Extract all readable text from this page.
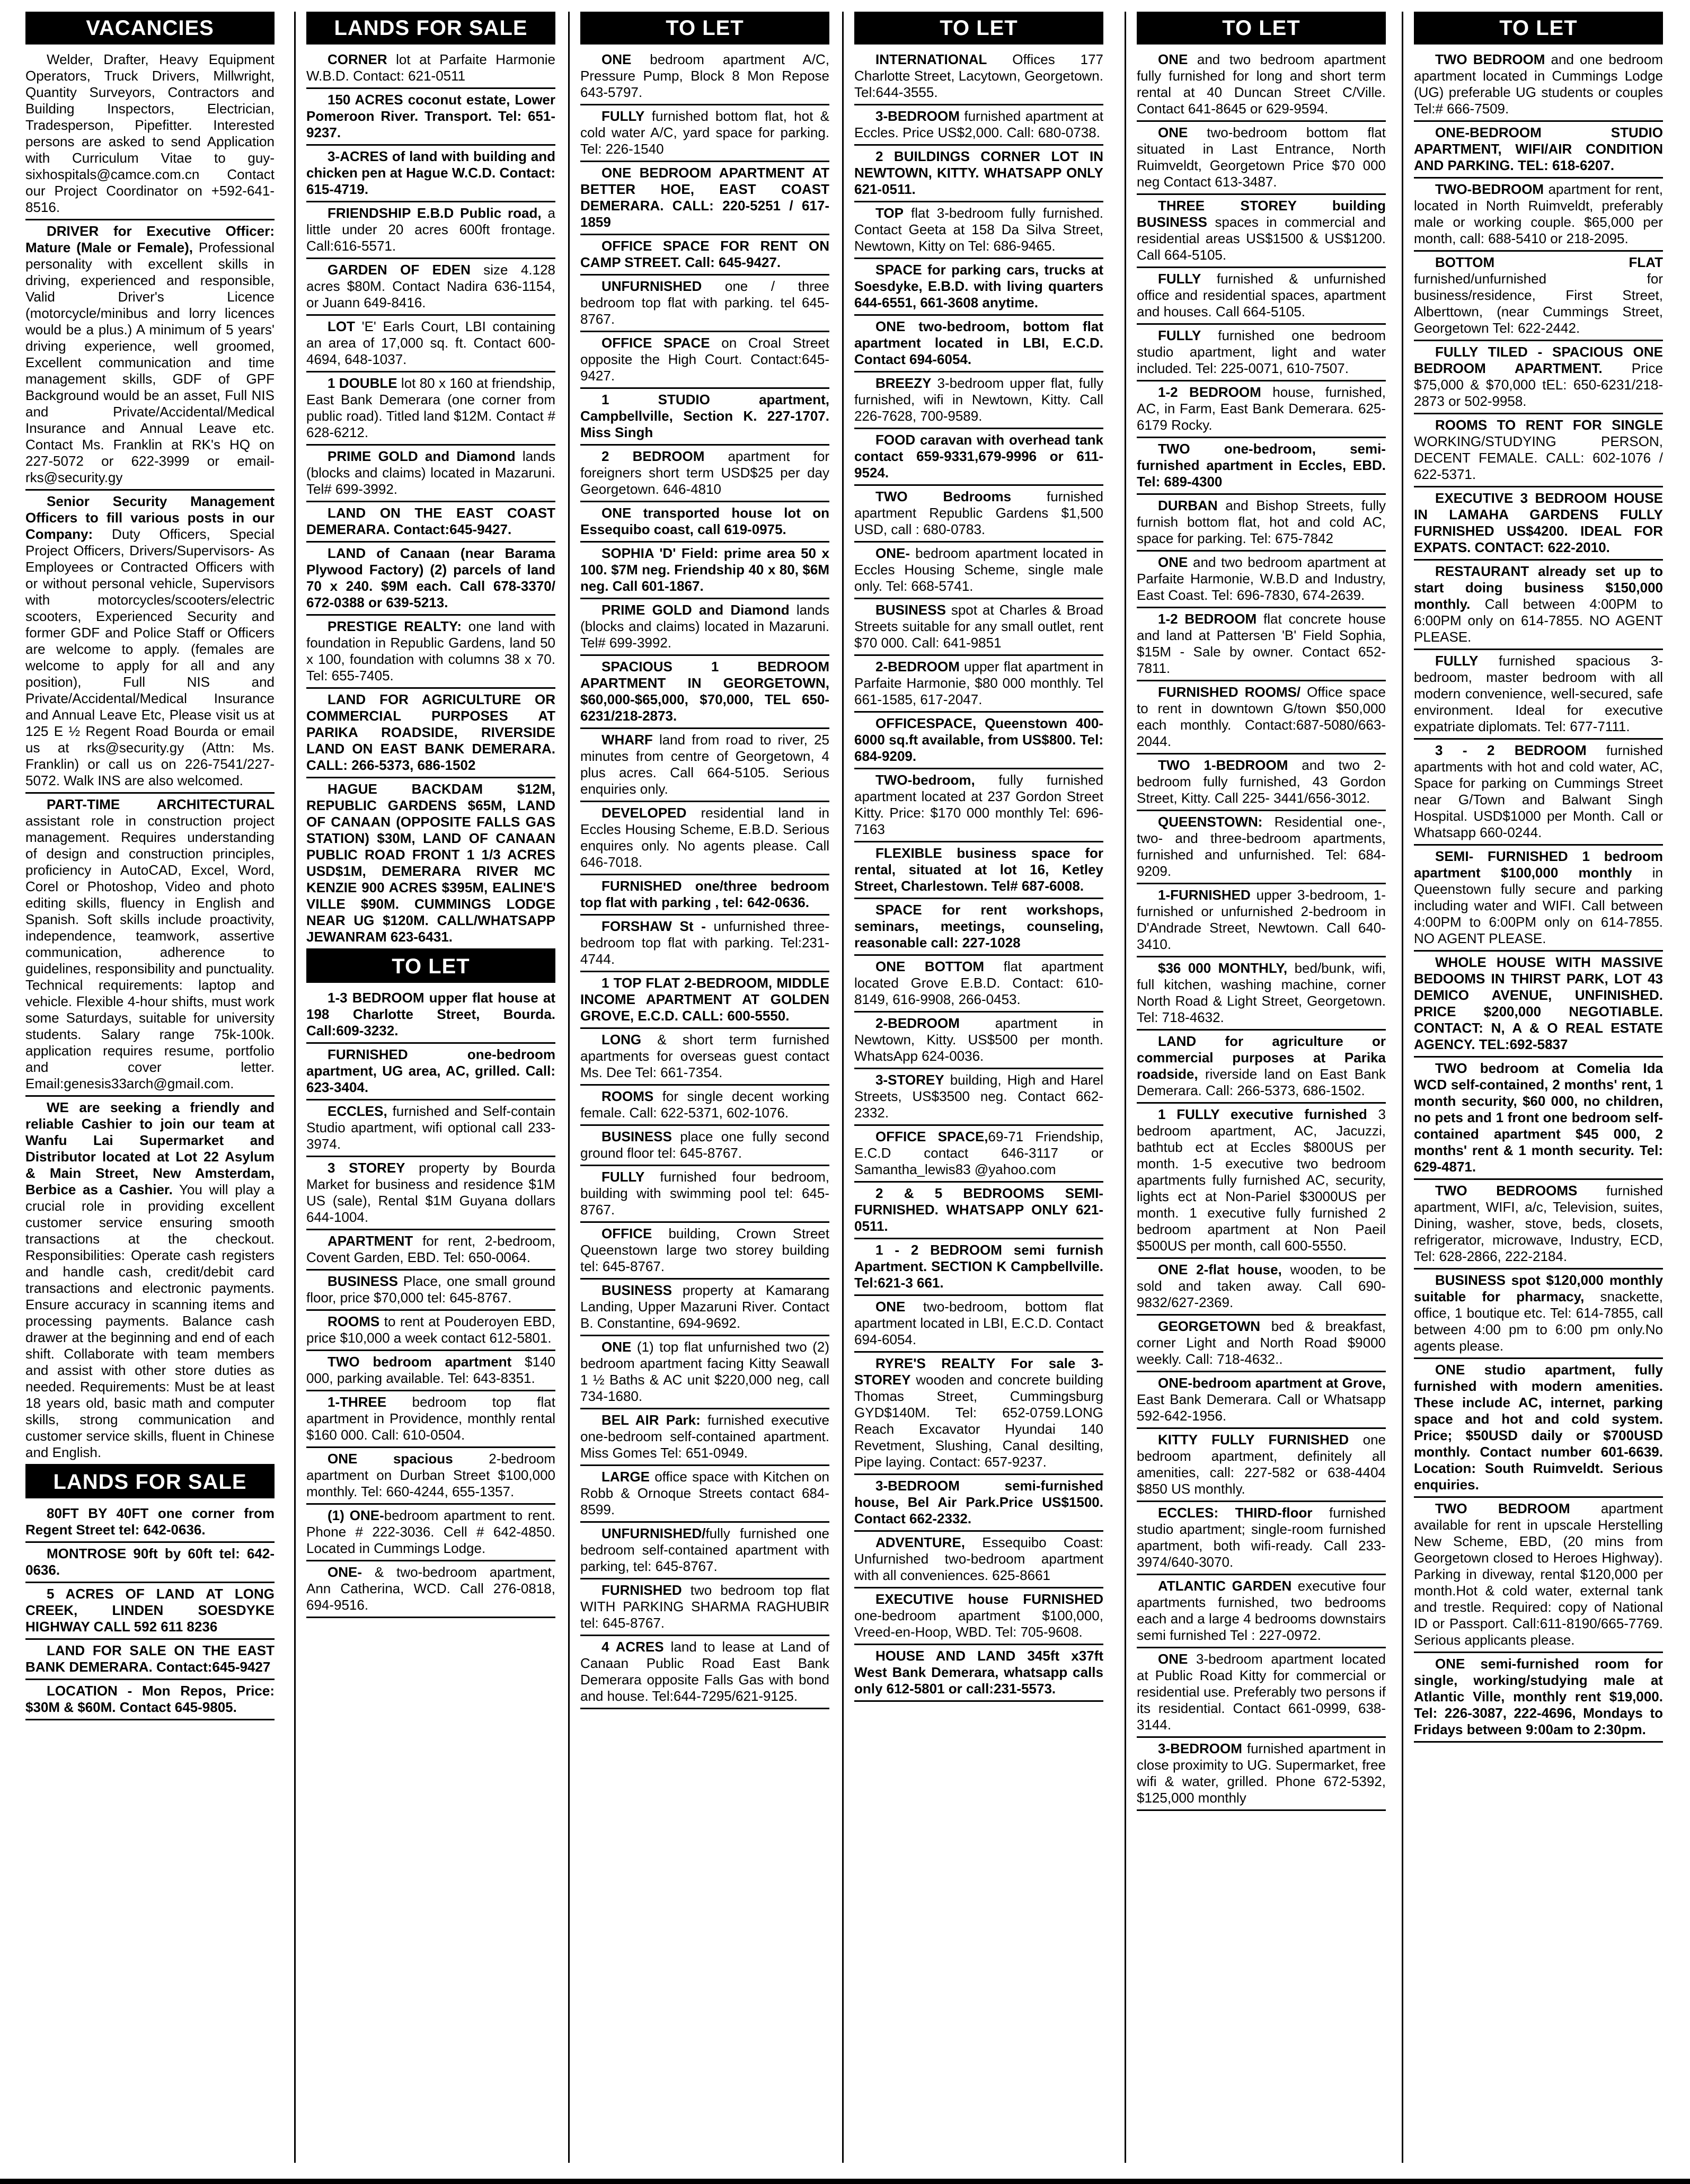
VACANCIES

Welder, Drafter, Heavy Equipment Operators, Truck Drivers, Millwright, Quantity Surveyors, Contractors and Building Inspectors, Electrician, Tradesperson, Pipefitter. Interested persons are asked to send Application with Curriculum Vitae to guy-sixhospitals@camce.com.cn Contact our Project Coordinator on +592-641-8516.

DRIVER for Executive Officer: Mature (Male or Female), Professional personality with excellent skills in driving, experienced and responsible, Valid Driver's Licence (motorcycle/minibus and lorry licences would be a plus.) A minimum of 5 years' driving experience, well groomed, Excellent communication and time management skills, GDF of GPF Background would be an asset, Full NIS and Private/Accidental/Medical Insurance and Annual Leave etc. Contact Ms. Franklin at RK's HQ on 227-5072 or 622-3999 or email-rks@security.gy

Senior Security Management Officers to fill various posts in our Company: Duty Officers, Special Project Officers, Drivers/Supervisors- As Employees or Contracted Officers with or without personal vehicle, Supervisors with motorcycles/scooters/electric scooters, Experienced Security and former GDF and Police Staff or Officers are welcome to apply. (females are welcome to apply for all and any position), Full NIS and Private/Accidental/Medical Insurance and Annual Leave Etc, Please visit us at 125 E ½ Regent Road Bourda or email us at rks@security.gy (Attn: Ms. Franklin) or call us on 226-7541/227-5072. Walk INS are also welcomed.

PART-TIME ARCHITECTURAL assistant role in construction project management. Requires understanding of design and construction principles, proficiency in AutoCAD, Excel, Word, Corel or Photoshop, Video and photo editing skills, fluency in English and Spanish. Soft skills include proactivity, independence, teamwork, assertive communication, adherence to guidelines, responsibility and punctuality. Technical requirements: laptop and vehicle. Flexible 4-hour shifts, must work some Saturdays, suitable for university students. Salary range 75k-100k. application requires resume, portfolio and cover letter. Email:genesis33arch@gmail.com.

WE are seeking a friendly and reliable Cashier to join our team at Wanfu Lai Supermarket and Distributor located at Lot 22 Asylum & Main Street, New Amsterdam, Berbice as a Cashier. You will play a crucial role in providing excellent customer service ensuring smooth transactions at the checkout. Responsibilities: Operate cash registers and handle cash, credit/debit card transactions and electronic payments. Ensure accuracy in scanning items and processing payments. Balance cash drawer at the beginning and end of each shift. Collaborate with team members and assist with other store duties as needed. Requirements: Must be at least 18 years old, basic math and computer skills, strong communication and customer service skills, fluent in Chinese and English.

LANDS FOR SALE

80FT BY 40FT one corner from Regent Street tel: 642-0636.

MONTROSE 90ft by 60ft tel: 642-0636.

5 ACRES OF LAND AT LONG CREEK, LINDEN SOESDYKE HIGHWAY CALL 592 611 8236

LAND FOR SALE ON THE EAST BANK DEMERARA. Contact:645-9427

LOCATION - Mon Repos, Price: $30M & $60M. Contact 645-9805.

LANDS FOR SALE

CORNER lot at Parfaite Harmonie W.B.D. Contact: 621-0511

150 ACRES coconut estate, Lower Pomeroon River. Transport. Tel: 651-9237.

3-ACRES of land with building and chicken pen at Hague W.C.D. Contact: 615-4719.

FRIENDSHIP E.B.D Public road, a little under 20 acres 600ft frontage. Call:616-5571.

GARDEN OF EDEN size 4.128 acres $80M. Contact Nadira 636-1154, or Juann 649-8416.

LOT 'E' Earls Court, LBI containing an area of 17,000 sq. ft. Contact 600-4694, 648-1037.

1 DOUBLE lot 80 x 160 at friendship, East Bank Demerara (one corner from public road). Titled land $12M. Contact # 628-6212.

PRIME GOLD and Diamond lands (blocks and claims) located in Mazaruni. Tel# 699-3992.

LAND ON THE EAST COAST DEMERARA. Contact:645-9427.

LAND of Canaan (near Barama Plywood Factory) (2) parcels of land 70 x 240. $9M each. Call 678-3370/ 672-0388 or 639-5213.

PRESTIGE REALTY: one land with foundation in Republic Gardens, land 50 x 100, foundation with columns 38 x 70. Tel: 655-7405.

LAND FOR AGRICULTURE OR COMMERCIAL PURPOSES AT PARIKA ROADSIDE, RIVERSIDE LAND ON EAST BANK DEMERARA. CALL: 266-5373, 686-1502

HAGUE BACKDAM $12M, REPUBLIC GARDENS $65M, LAND OF CANAAN (OPPOSITE FALLS GAS STATION) $30M, LAND OF CANAAN PUBLIC ROAD FRONT 1 1/3 ACRES USD$1M, DEMERARA RIVER MC KENZIE 900 ACRES $395M, EALINE'S VILLE $90M. CUMMINGS LODGE NEAR UG $120M. CALL/WHATSAPP JEWANRAM 623-6431.

TO LET

1-3 BEDROOM upper flat house at 198 Charlotte Street, Bourda. Call:609-3232.

FURNISHED one-bedroom apartment, UG area, AC, grilled. Call: 623-3404.

ECCLES, furnished and Self-contain Studio apartment, wifi optional call 233-3974.

3 STOREY property by Bourda Market for business and residence $1M US (sale), Rental $1M Guyana dollars 644-1004.

APARTMENT for rent, 2-bedroom, Covent Garden, EBD. Tel: 650-0064.

BUSINESS Place, one small ground floor, price $70,000 tel: 645-8767.

ROOMS to rent at Pouderoyen EBD, price $10,000 a week contact 612-5801.

TWO bedroom apartment $140 000, parking available. Tel: 643-8351.

1-THREE bedroom top flat apartment in Providence, monthly rental $160 000. Call: 610-0504.

ONE spacious 2-bedroom apartment on Durban Street $100,000 monthly. Tel: 660-4244, 655-1357.

(1) ONE-bedroom apartment to rent. Phone # 222-3036. Cell # 642-4850. Located in Cummings Lodge.

ONE- & two-bedroom apartment, Ann Catherina, WCD. Call 276-0818, 694-9516.

TO LET

ONE bedroom apartment A/C, Pressure Pump, Block 8 Mon Repose 643-5797.

FULLY furnished bottom flat, hot & cold water A/C, yard space for parking. Tel: 226-1540

ONE BEDROOM APARTMENT AT BETTER HOE, EAST COAST DEMERARA. CALL: 220-5251 / 617-1859

OFFICE SPACE FOR RENT ON CAMP STREET. Call: 645-9427.

UNFURNISHED one / three bedroom top flat with parking. tel 645-8767.

OFFICE SPACE on Croal Street opposite the High Court. Contact:645-9427.

1 STUDIO apartment, Campbellville, Section K. 227-1707. Miss Singh

2 BEDROOM apartment for foreigners short term USD$25 per day Georgetown. 646-4810

ONE transported house lot on Essequibo coast, call 619-0975.

SOPHIA 'D' Field: prime area 50 x 100. $7M neg. Friendship 40 x 80, $6M neg. Call 601-1867.

PRIME GOLD and Diamond lands (blocks and claims) located in Mazaruni. Tel# 699-3992.

SPACIOUS 1 BEDROOM APARTMENT IN GEORGETOWN, $60,000-$65,000, $70,000, TEL 650-6231/218-2873.

WHARF land from road to river, 25 minutes from centre of Georgetown, 4 plus acres. Call 664-5105. Serious enquiries only.

DEVELOPED residential land in Eccles Housing Scheme, E.B.D. Serious enquires only. No agents please. Call 646-7018.

FURNISHED one/three bedroom top flat with parking , tel: 642-0636.

FORSHAW St - unfurnished three-bedroom top flat with parking. Tel:231-4744.

1 TOP FLAT 2-BEDROOM, MIDDLE INCOME APARTMENT AT GOLDEN GROVE, E.C.D. CALL: 600-5550.

LONG & short term furnished apartments for overseas guest contact Ms. Dee Tel: 661-7354.

ROOMS for single decent working female. Call: 622-5371, 602-1076.

BUSINESS place one fully second ground floor tel: 645-8767.

FULLY furnished four bedroom, building with swimming pool tel: 645-8767.

OFFICE building, Crown Street Queenstown large two storey building tel: 645-8767.

BUSINESS property at Kamarang Landing, Upper Mazaruni River. Contact B. Constantine, 694-9692.

ONE (1) top flat unfurnished two (2) bedroom apartment facing Kitty Seawall 1 ½ Baths & AC unit $220,000 neg, call 734-1680.

BEL AIR Park: furnished executive one-bedroom self-contained apartment. Miss Gomes Tel: 651-0949.

LARGE office space with Kitchen on Robb & Ornoque Streets contact 684-8599.

UNFURNISHED/fully furnished one bedroom self-contained apartment with parking, tel: 645-8767.

FURNISHED two bedroom top flat WITH PARKING SHARMA RAGHUBIR tel: 645-8767.

4 ACRES land to lease at Land of Canaan Public Road East Bank Demerara opposite Falls Gas with bond and house. Tel:644-7295/621-9125.

TO LET

INTERNATIONAL Offices 177 Charlotte Street, Lacytown, Georgetown. Tel:644-3555.

3-BEDROOM furnished apartment at Eccles. Price US$2,000. Call: 680-0738.

2 BUILDINGS CORNER LOT IN NEWTOWN, KITTY. WHATSAPP ONLY 621-0511.

TOP flat 3-bedroom fully furnished. Contact Geeta at 158 Da Silva Street, Newtown, Kitty on Tel: 686-9465.

SPACE for parking cars, trucks at Soesdyke, E.B.D. with living quarters 644-6551, 661-3608 anytime.

ONE two-bedroom, bottom flat apartment located in LBI, E.C.D. Contact 694-6054.

BREEZY 3-bedroom upper flat, fully furnished, wifi in Newtown, Kitty. Call 226-7628, 700-9589.

FOOD caravan with overhead tank contact 659-9331,679-9996 or 611-9524.

TWO Bedrooms furnished apartment Republic Gardens $1,500 USD, call : 680-0783.

ONE- bedroom apartment located in Eccles Housing Scheme, single male only. Tel: 668-5741.

BUSINESS spot at Charles & Broad Streets suitable for any small outlet, rent $70 000. Call: 641-9851

2-BEDROOM upper flat apartment in Parfaite Harmonie, $80 000 monthly. Tel 661-1585, 617-2047.

OFFICESPACE, Queenstown 400-6000 sq.ft available, from US$800. Tel: 684-9209.

TWO-bedroom, fully furnished apartment located at 237 Gordon Street Kitty. Price: $170 000 monthly Tel: 696-7163

FLEXIBLE business space for rental, situated at lot 16, Ketley Street, Charlestown. Tel# 687-6008.

SPACE for rent workshops, seminars, meetings, counseling, reasonable call: 227-1028

ONE BOTTOM flat apartment located Grove E.B.D. Contact: 610-8149, 616-9908, 266-0453.

2-BEDROOM apartment in Newtown, Kitty. US$500 per month. WhatsApp 624-0036.

3-STOREY building, High and Harel Streets, US$3500 neg. Contact 662-2332.

OFFICE SPACE,69-71 Friendship, E.C.D contact 646-3117 or Samantha_lewis83 @yahoo.com

2 & 5 BEDROOMS SEMI-FURNISHED. WHATSAPP ONLY 621-0511.

1 - 2 BEDROOM semi furnish Apartment. SECTION K Campbellville. Tel:621-3 661.

ONE two-bedroom, bottom flat apartment located in LBI, E.C.D. Contact 694-6054.

RYRE'S REALTY For sale 3-STOREY wooden and concrete building Thomas Street, Cummingsburg GYD$140M. Tel: 652-0759.LONG Reach Excavator Hyundai 140 Revetment, Slushing, Canal desilting, Pipe laying. Contact: 657-9237.

3-BEDROOM semi-furnished house, Bel Air Park.Price US$1500. Contact 662-2332.

ADVENTURE, Essequibo Coast: Unfurnished two-bedroom apartment with all conveniences. 625-8661

EXECUTIVE house FURNISHED one-bedroom apartment $100,000, Vreed-en-Hoop, WBD. Tel: 705-9608.

HOUSE AND LAND 345ft x37ft West Bank Demerara, whatsapp calls only 612-5801 or call:231-5573.

TO LET

ONE and two bedroom apartment fully furnished for long and short term rental at 40 Duncan Street C/Ville. Contact 641-8645 or 629-9594.

ONE two-bedroom bottom flat situated in Last Entrance, North Ruimveldt, Georgetown Price $70 000 neg Contact 613-3487.

THREE STOREY building BUSINESS spaces in commercial and residential areas US$1500 & US$1200. Call 664-5105.

FULLY furnished & unfurnished office and residential spaces, apartment and houses. Call 664-5105.

FULLY furnished one bedroom studio apartment, light and water included. Tel: 225-0071, 610-7507.

1-2 BEDROOM house, furnished, AC, in Farm, East Bank Demerara. 625-6179 Rocky.

TWO one-bedroom, semi-furnished apartment in Eccles, EBD. Tel: 689-4300

DURBAN and Bishop Streets, fully furnish bottom flat, hot and cold AC, space for parking. Tel: 675-7842

ONE and two bedroom apartment at Parfaite Harmonie, W.B.D and Industry, East Coast. Tel: 696-7830, 674-2639.

1-2 BEDROOM flat concrete house and land at Pattersen 'B' Field Sophia, $15M - Sale by owner. Contact 652-7811.

FURNISHED ROOMS/ Office space to rent in downtown G/town $50,000 each monthly. Contact:687-5080/663-2044.

TWO 1-BEDROOM and two 2-bedroom fully furnished, 43 Gordon Street, Kitty. Call 225- 3441/656-3012.

QUEENSTOWN: Residential one-, two- and three-bedroom apartments, furnished and unfurnished. Tel: 684-9209.

1-FURNISHED upper 3-bedroom, 1-furnished or unfurnished 2-bedroom in D'Andrade Street, Newtown. Call 640-3410.

$36 000 MONTHLY, bed/bunk, wifi, full kitchen, washing machine, corner North Road & Light Street, Georgetown. Tel: 718-4632.

LAND for agriculture or commercial purposes at Parika roadside, riverside land on East Bank Demerara. Call: 266-5373, 686-1502.

1 FULLY executive furnished 3 bedroom apartment, AC, Jacuzzi, bathtub ect at Eccles $800US per month. 1-5 executive two bedroom apartments fully furnished AC, security, lights ect at Non-Pariel $3000US per month. 1 executive fully furnished 2 bedroom apartment at Non Paeil $500US per month, call 600-5550.

ONE 2-flat house, wooden, to be sold and taken away. Call 690-9832/627-2369.

GEORGETOWN bed & breakfast, corner Light and North Road $9000 weekly. Call: 718-4632..

ONE-bedroom apartment at Grove, East Bank Demerara. Call or Whatsapp 592-642-1956.

KITTY FULLY FURNISHED one bedroom apartment, definitely all amenities, call: 227-582 or 638-4404 $850 US monthly.

ECCLES: THIRD-floor furnished studio apartment; single-room furnished apartment, both wifi-ready. Call 233-3974/640-3070.

ATLANTIC GARDEN executive four apartments furnished, two bedrooms each and a large 4 bedrooms downstairs semi furnished Tel : 227-0972.

ONE 3-bedroom apartment located at Public Road Kitty for commercial or residential use. Preferably two persons if its residential. Contact 661-0999, 638-3144.

3-BEDROOM furnished apartment in close proximity to UG. Supermarket, free wifi & water, grilled. Phone 672-5392, $125,000 monthly

TO LET

TWO BEDROOM and one bedroom apartment located in Cummings Lodge (UG) preferable UG students or couples Tel:# 666-7509.

ONE-BEDROOM STUDIO APARTMENT, WIFI/AIR CONDITION AND PARKING. TEL: 618-6207.

TWO-BEDROOM apartment for rent, located in North Ruimveldt, preferably male or working couple. $65,000 per month, call: 688-5410 or 218-2095.

BOTTOM FLAT furnished/unfurnished for business/residence, First Street, Alberttown, (near Cummings Street, Georgetown Tel: 622-2442.

FULLY TILED - SPACIOUS ONE BEDROOM APARTMENT. Price $75,000 & $70,000 tEL: 650-6231/218-2873 or 502-9958.

ROOMS TO RENT FOR SINGLE WORKING/STUDYING PERSON, DECENT FEMALE. CALL: 602-1076 / 622-5371.

EXECUTIVE 3 BEDROOM HOUSE IN LAMAHA GARDENS FULLY FURNISHED US$4200. IDEAL FOR EXPATS. CONTACT: 622-2010.

RESTAURANT already set up to start doing business $150,000 monthly. Call between 4:00PM to 6:00PM only on 614-7855. NO AGENT PLEASE.

FULLY furnished spacious 3-bedroom, master bedroom with all modern convenience, well-secured, safe environment. Ideal for executive expatriate diplomats. Tel: 677-7111.

3 - 2 BEDROOM furnished apartments with hot and cold water, AC, Space for parking on Cummings Street near G/Town and Balwant Singh Hospital. USD$1000 per Month. Call or Whatsapp 660-0244.

SEMI- FURNISHED 1 bedroom apartment $100,000 monthly in Queenstown fully secure and parking including water and WIFI. Call between 4:00PM to 6:00PM only on 614-7855. NO AGENT PLEASE.

WHOLE HOUSE WITH MASSIVE BEDOOMS IN THIRST PARK, LOT 43 DEMICO AVENUE, UNFINISHED. PRICE $200,000 NEGOTIABLE. CONTACT: N, A & O REAL ESTATE AGENCY. TEL:692-5837

TWO bedroom at Comelia Ida WCD self-contained, 2 months' rent, 1 month security, $60 000, no children, no pets and 1 front one bedroom self-contained apartment $45 000, 2 months' rent & 1 month security. Tel: 629-4871.

TWO BEDROOMS furnished apartment, WIFI, a/c, Television, suites, Dining, washer, stove, beds, closets, refrigerator, microwave, Industry, ECD, Tel: 628-2866, 222-2184.

BUSINESS spot $120,000 monthly suitable for pharmacy, snackette, office, 1 boutique etc. Tel: 614-7855, call between 4:00 pm to 6:00 pm only.No agents please.

ONE studio apartment, fully furnished with modern amenities. These include AC, internet, parking space and hot and cold system. Price; $50USD daily or $700USD monthly. Contact number 601-6639. Location: South Ruimveldt. Serious enquiries.

TWO BEDROOM apartment available for rent in upscale Herstelling New Scheme, EBD, (20 mins from Georgetown closed to Heroes Highway). Parking in diveway, rental $120,000 per month.Hot & cold water, external tank and trestle. Required: copy of National ID or Passport. Call:611-8190/665-7769. Serious applicants please.

ONE semi-furnished room for single, working/studying male at Atlantic Ville, monthly rent $19,000. Tel: 226-3087, 222-4696, Mondays to Fridays between 9:00am to 2:30pm.
